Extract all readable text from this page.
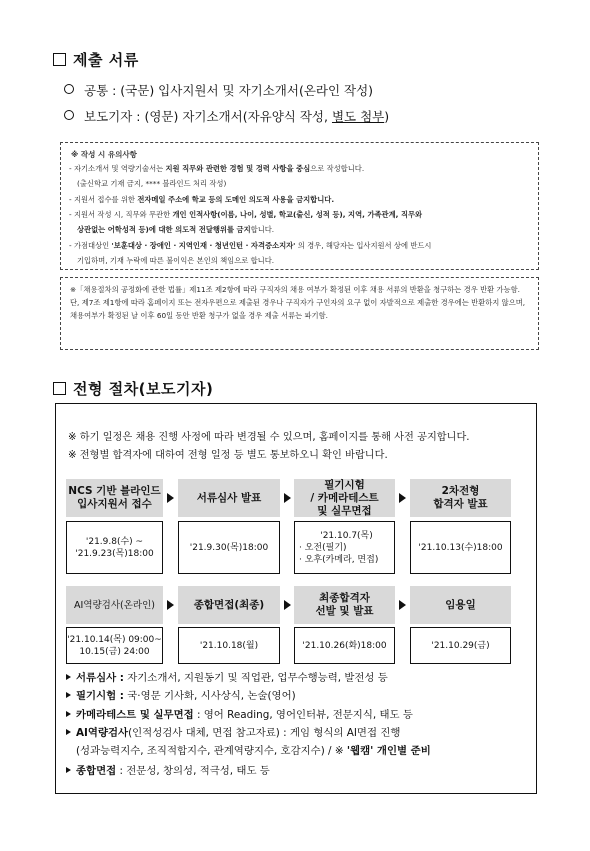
제출 서류
공통 : (국문) 입사지원서 및 자기소개서(온라인 작성)
보도기자 : (영문) 자기소개서(자유양식 작성, 별도 첨부)
※ 작성 시 유의사항
- 자기소개서 및 역량기술서는 지원 직무와 관련한 경험 및 경력 사항을 중심으로 작성합니다.
(출신학교 기재 금지, **** 블라인드 처리 작성)
- 지원서 접수를 위한 전자메일 주소에 학교 등의 도메인 의도적 사용을 금지합니다.
- 지원서 작성 시, 직무와 무관한 개인 인적사항(이름, 나이, 성별, 학교(출신, 성적 등), 지역, 가족관계, 직무와
상관없는 어학성적 등)에 대한 의도적 전달행위를 금지합니다.
- 가점대상인 '보훈대상 · 장애인 · 지역인재 · 청년인턴 · 자격증소지자' 의 경우, 해당자는 입사지원서 상에 반드시
기입하며, 기재 누락에 따른 불이익은 본인의 책임으로 합니다.
※「채용절차의 공정화에 관한 법률」제11조 제2항에 따라 구직자의 채용 여부가 확정된 이후 채용 서류의 반환을 청구하는 경우 반환 가능함. 단, 제7조 제1항에 따라 홈페이지 또는 전자우편으로 제출된 경우나 구직자가 구인자의 요구 없이 자발적으로 제출한 경우에는 반환하지 않으며, 채용여부가 확정된 날 이후 60일 동안 반환 청구가 없을 경우 제출 서류는 파기함.
전형 절차(보도기자)
※ 하기 일정은 채용 진행 사정에 따라 변경될 수 있으며, 홈페이지를 통해 사전 공지합니다.
※ 전형별 합격자에 대하여 전형 일정 등 별도 통보하오니 확인 바랍니다.
NCS 기반 블라인드
입사지원서 접수
서류심사 발표
필기시험
/ 카메라테스트
및 실무면접
2차전형
합격자 발표
'21.9.8(수) ~
'21.9.23(목)18:00
'21.9.30(목)18:00
'21.10.7(목)
· 오전(필기)
· 오후(카메라, 면접)
'21.10.13(수)18:00
AI역량검사(온라인)	종합면접(최종)
최종합격자
선발 및 발표
임용일
'21.10.14(목) 09:00~
10.15(금) 24:00
'21.10.18(월)	'21.10.26(화)18:00	'21.10.29(금)
서류심사 : 자기소개서, 지원동기 및 직업관, 업무수행능력, 발전성 등
필기시험 : 국·영문 기사화, 시사상식, 논술(영어)
카메라테스트 및 실무면접 : 영어 Reading, 영어인터뷰, 전문지식, 태도 등
AI역량검사(인적성검사 대체, 면접 참고자료) : 게임 형식의 AI면접 진행
(성과능력지수, 조직적합지수, 관계역량지수, 호감지수) / ※ '웹캠' 개인별 준비
종합면접 : 전문성, 창의성, 적극성, 태도 등
